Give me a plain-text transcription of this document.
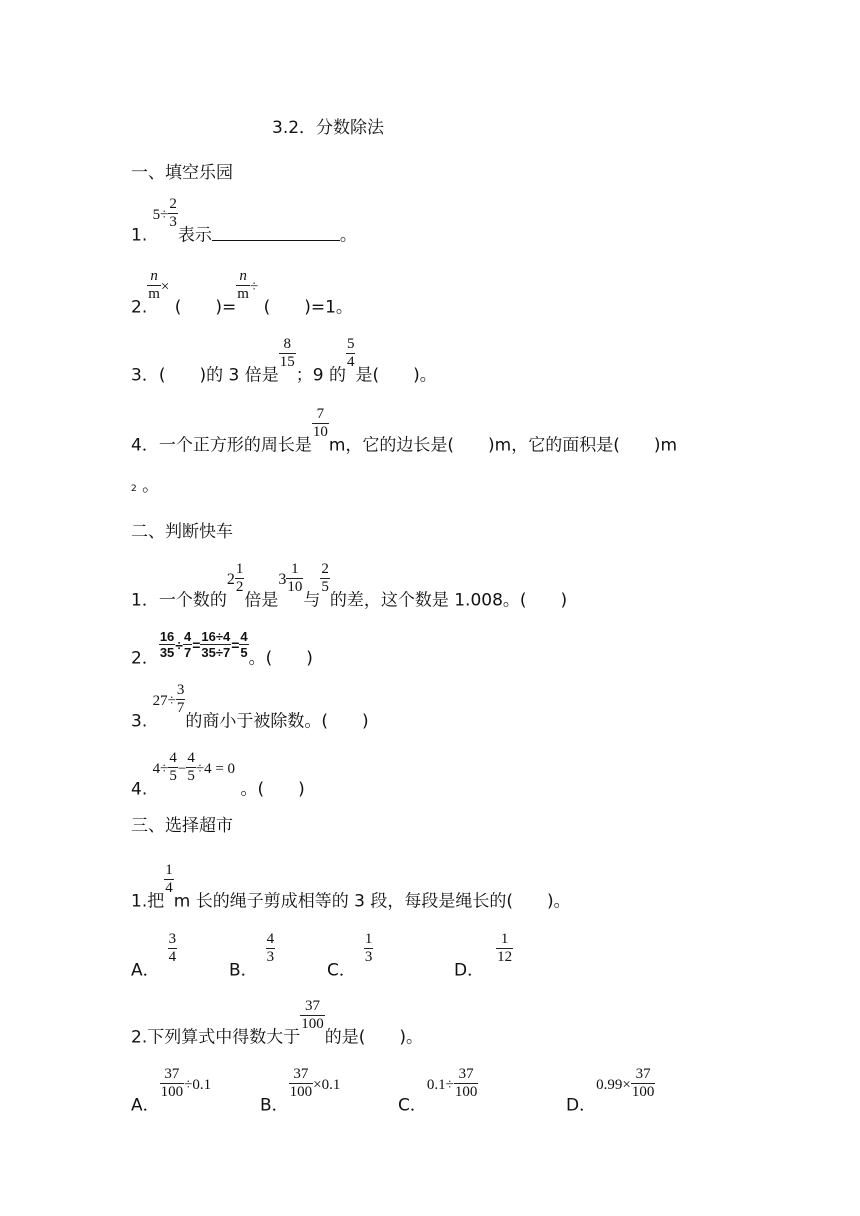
3.2．分数除法
一、填空乐园
1. $5\div \frac{2}{3}$
表示	。
2.
$\frac{n}{m}$ × (　　)=
$\frac{n}{m}$ ÷ (　　)=1。
3．(　　)的 3 倍是
$\frac{8}{15}$
；9 的
$\frac{5}{4}$
是(　　)。
4．一个正方形的周长是
$\frac{7}{10}$
m，它的边长是(　　)m，它的面积是(　　)m
2 。
二、判断快车
1．一个数的$2 \frac{1}{2}$
倍是$3 \frac{1}{10}$
与
$\frac{2}{5}$
的差，这个数是 1.008。(　　)
2． $\frac{16}{35} ^\div \frac{4}{7} ^= \frac{16\div 4}{35\div 7} ^= \frac{4}{5}$ 。(　　)
3. $27\div \frac{3}{7}$
的商小于被除数。(　　)
4. $4\div \frac{4}{5} - \frac{4}{5} \div 4 = 0$ 。(　　)
三、选择超市
1.把
$\frac{1}{4}$
m 长的绳子剪成相等的 3 段，每段是绳长的(　　)。
A．
$\frac{3}{4}$
B．
$\frac{4}{3}$
C．
$\frac{1}{3}$
D．
$\frac{1}{12}$
2.下列算式中得数大于
$\frac{37}{100}$
的是(　　)。
A．
$\frac{37}{100} \div 0.1$
B．
$\frac{37}{100} \times 0.1$
C．$0.1\div \frac{37}{100}$
D．$0.99\times \frac{37}{100}$
